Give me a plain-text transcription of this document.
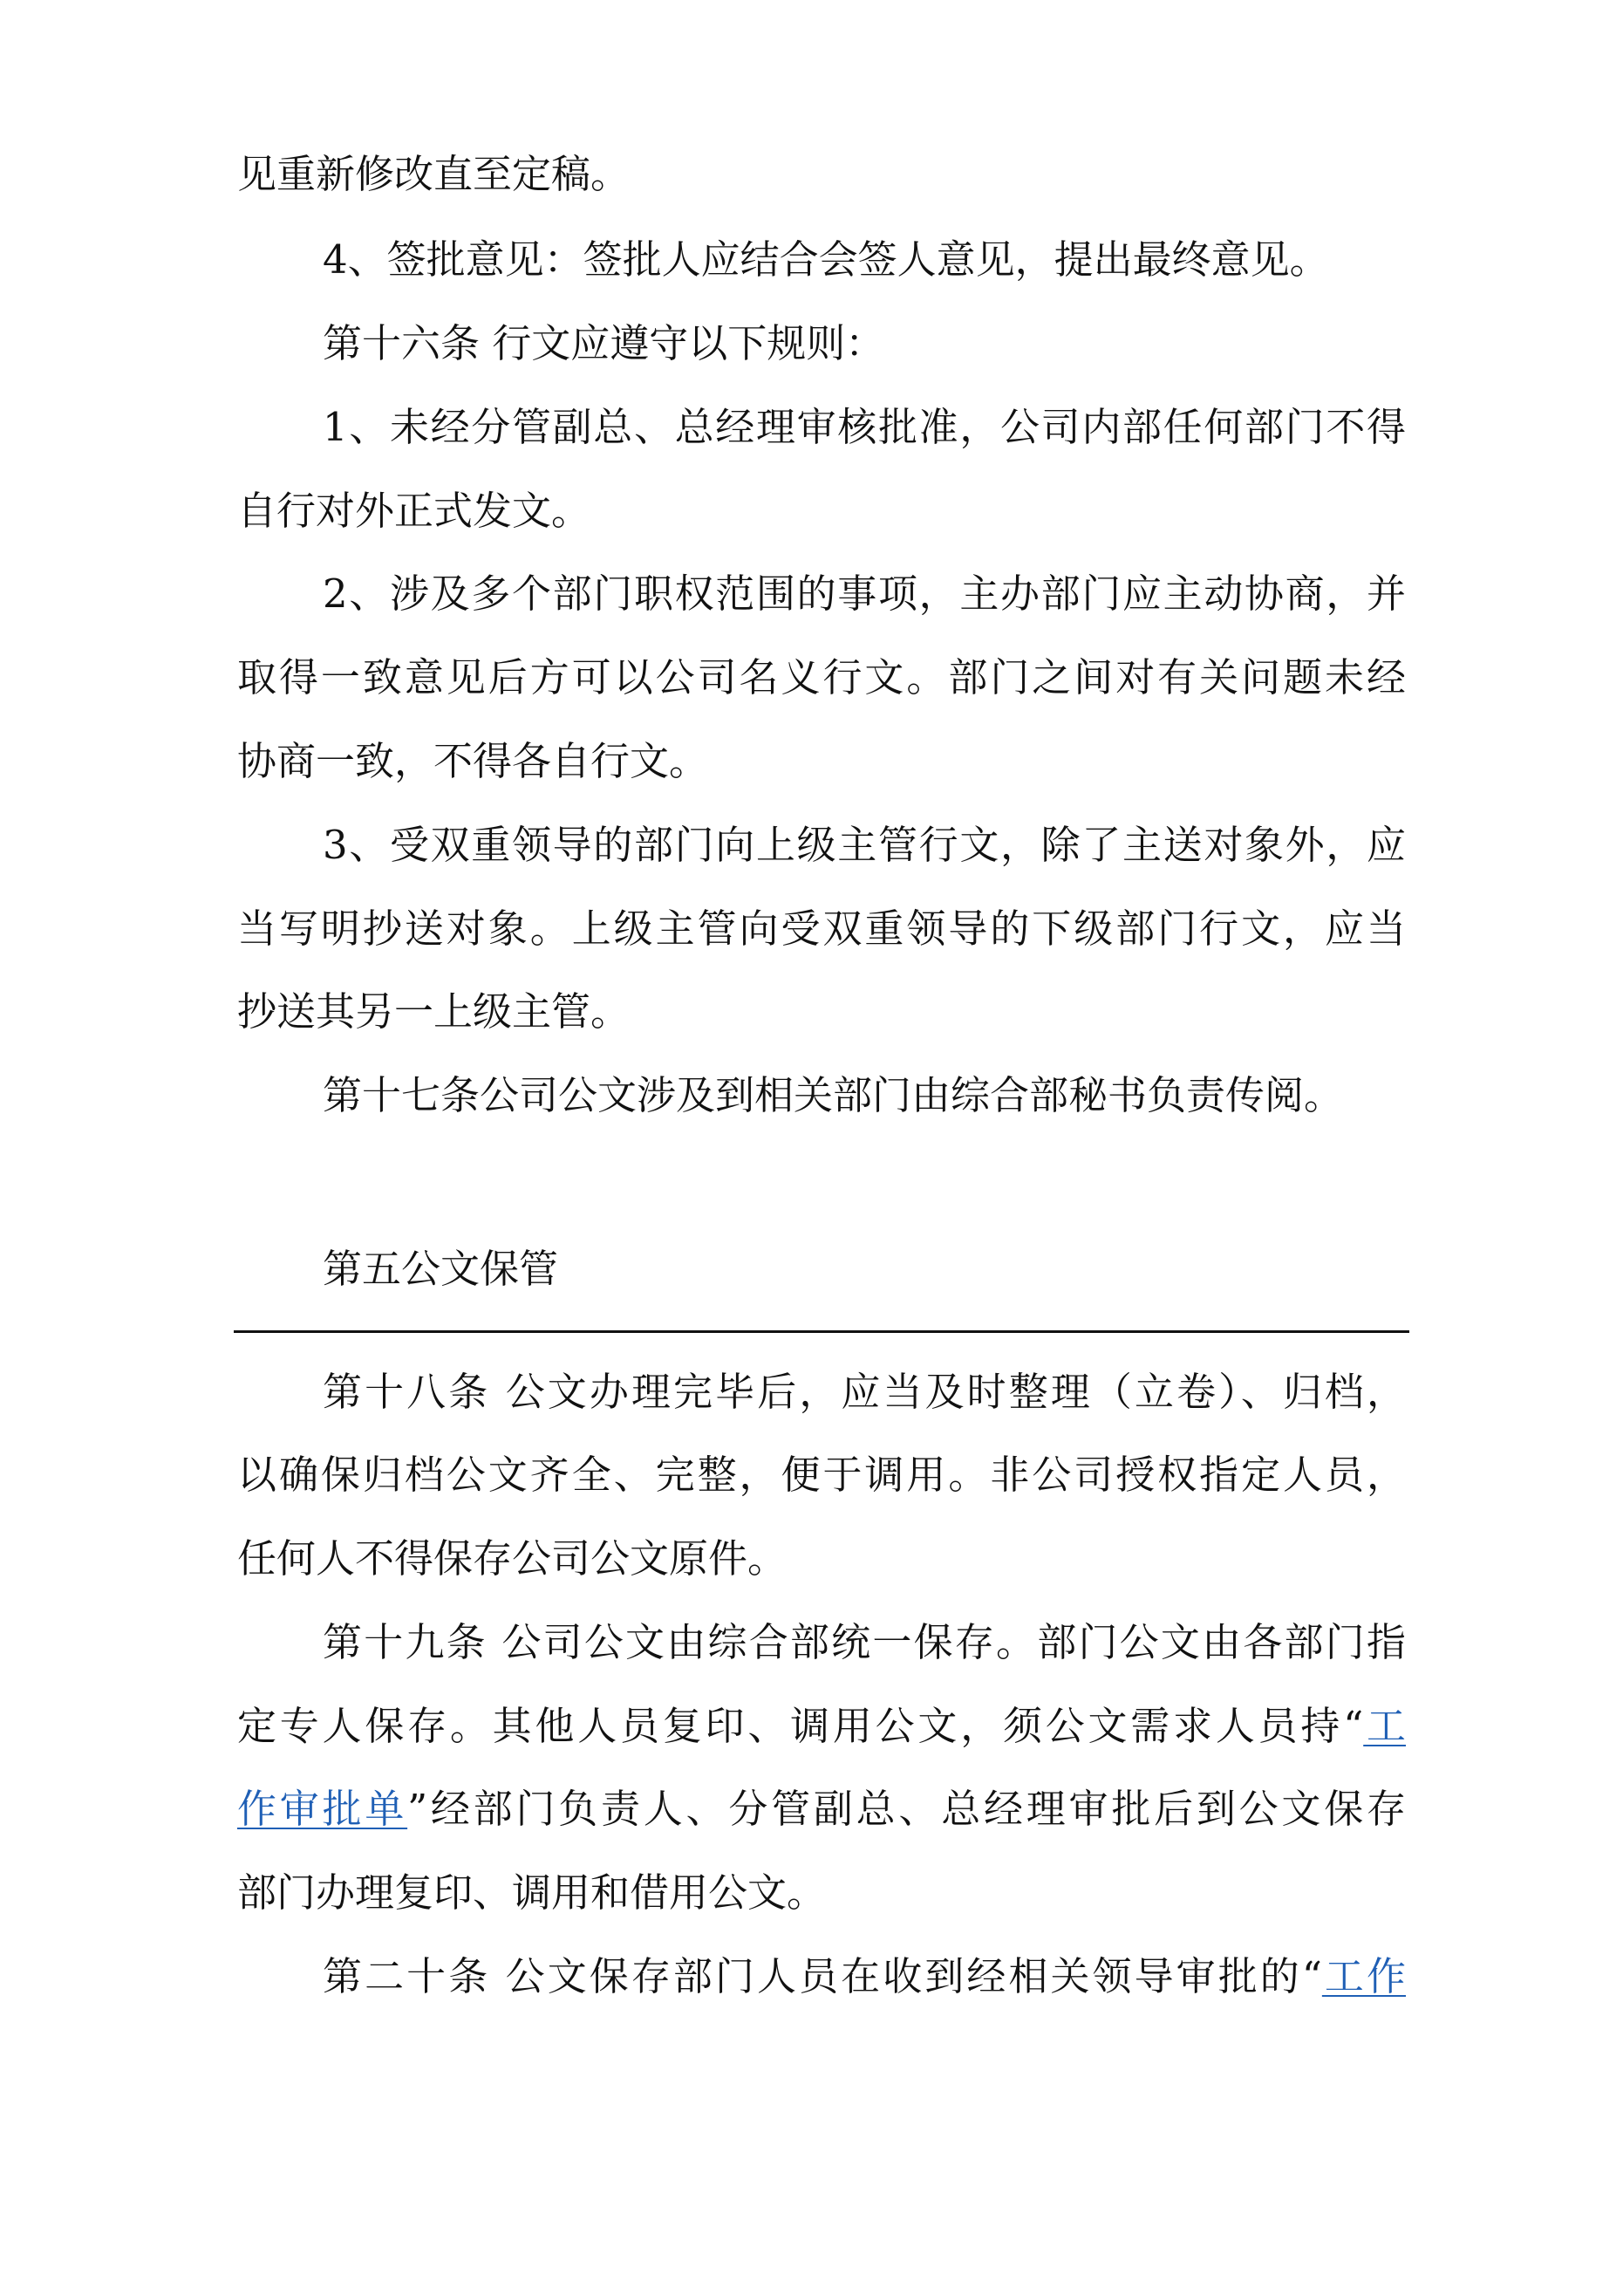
见重新修改直至定稿。
4、签批意见：签批人应结合会签人意见，提出最终意见。
第十六条 行文应遵守以下规则：
1、未经分管副总、总经理审核批准，公司内部任何部门不得
自行对外正式发文。
2、涉及多个部门职权范围的事项，主办部门应主动协商，并
取得一致意见后方可以公司名义行文。部门之间对有关问题未经
协商一致，不得各自行文。
3、受双重领导的部门向上级主管行文，除了主送对象外，应
当写明抄送对象。上级主管向受双重领导的下级部门行文，应当
抄送其另一上级主管。
第十七条公司公文涉及到相关部门由综合部秘书负责传阅。
第五公文保管
第十八条 公文办理完毕后，应当及时整理（立卷）、归档，
以确保归档公文齐全、完整，便于调用。非公司授权指定人员，
任何人不得保存公司公文原件。
第十九条 公司公文由综合部统一保存。部门公文由各部门指
定专人保存。其他人员复印、调用公文，须公文需求人员持“工
作审批单”经部门负责人、分管副总、总经理审批后到公文保存
部门办理复印、调用和借用公文。
第二十条 公文保存部门人员在收到经相关领导审批的“工作
